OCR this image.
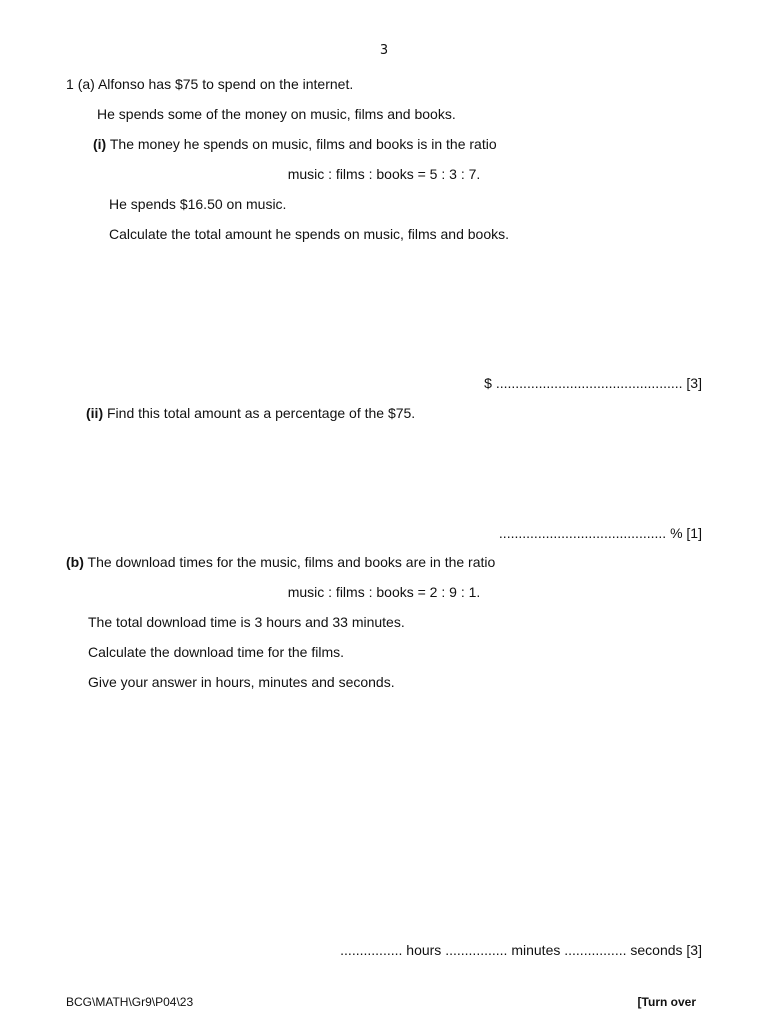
3
1 (a) Alfonso has $75 to spend on the internet.
He spends some of the money on music, films and books.
(i) The money he spends on music, films and books is in the ratio
music : films : books = 5 : 3 : 7.
He spends $16.50 on music.
Calculate the total amount he spends on music, films and books.
$ ................................................ [3]
(ii) Find this total amount as a percentage of the $75.
........................................... % [1]
(b) The download times for the music, films and books are in the ratio
music : films : books = 2 : 9 : 1.
The total download time is 3 hours and 33 minutes.
Calculate the download time for the films.
Give your answer in hours, minutes and seconds.
................ hours ................ minutes ................ seconds [3]
BCG\MATH\Gr9\P04\23	[Turn over
